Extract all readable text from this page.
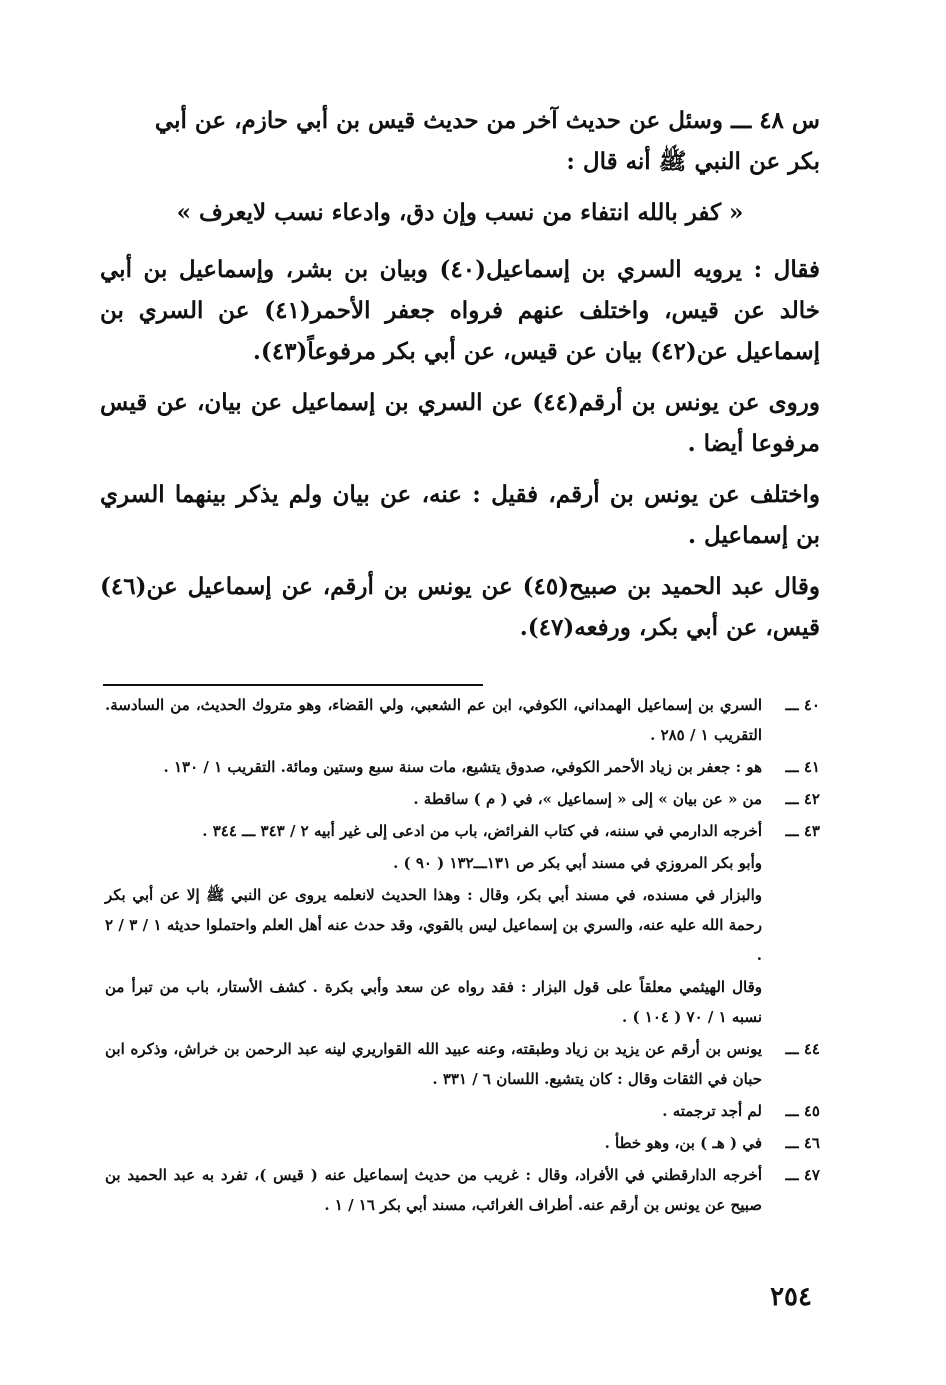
س ٤٨ ـــ وسئل عن حديث آخر من حديث قيس بن أبي حازم، عن أبي

بكر عن النبي ﷺ أنه قال :

« كفر بالله انتفاء من نسب وإن دق، وادعاء نسب لايعرف »

فقال : يرويه السري بن إسماعيل(٤٠) وبيان بن بشر، وإسماعيل بن أبي خالد عن قيس، واختلف عنهم فرواه جعفر الأحمر(٤١) عن السري بن إسماعيل عن(٤٢) بيان عن قيس، عن أبي بكر مرفوعاً(٤٣).

وروى عن يونس بن أرقم(٤٤) عن السري بن إسماعيل عن بيان، عن قيس مرفوعا أيضا .

واختلف عن يونس بن أرقم، فقيل : عنه، عن بيان ولم يذكر بينهما السري بن إسماعيل .

وقال عبد الحميد بن صبيح(٤٥) عن يونس بن أرقم، عن إسماعيل عن(٤٦) قيس، عن أبي بكر، ورفعه(٤٧).

٤٠ ـــ
السري بن إسماعيل الهمداني، الكوفي، ابن عم الشعبي، ولي القضاء، وهو متروك الحديث، من السادسة. التقريب ١ / ٢٨٥ .
٤١ ـــ
هو : جعفر بن زياد الأحمر الكوفي، صدوق يتشيع، مات سنة سبع وستين ومائة. التقريب ١ / ١٣٠ .
٤٢ ـــ
من « عن بيان » إلى « إسماعيل »، في ( م ) ساقطة .
٤٣ ـــ
أخرجه الدارمي في سننه، في كتاب الفرائض، باب من ادعى إلى غير أبيه ٢ / ٣٤٣ ـــ ٣٤٤ .
وأبو بكر المروزي في مسند أبي بكر ص ١٣١ـــ١٣٢ ( ٩٠ ) .
والبزار في مسنده، في مسند أبي بكر، وقال : وهذا الحديث لانعلمه يروى عن النبي ﷺ إلا عن أبي بكر رحمة الله عليه عنه، والسري بن إسماعيل ليس بالقوي، وقد حدث عنه أهل العلم واحتملوا حديثه ١ / ٣ / ٢ .
وقال الهيثمي معلقاً على قول البزار : فقد رواه عن سعد وأبي بكرة . كشف الأستار، باب من تبرأ من نسبه ١ / ٧٠ ( ١٠٤ ) .
٤٤ ـــ
يونس بن أرقم عن يزيد بن زياد وطبقته، وعنه عبيد الله القواريري لينه عبد الرحمن بن خراش، وذكره ابن حبان في الثقات وقال : كان يتشيع. اللسان ٦ / ٣٣١ .
٤٥ ـــ
لم أجد ترجمته .
٤٦ ـــ
في ( هـ ) بن، وهو خطأ .
٤٧ ـــ
أخرجه الدارقطني في الأفراد، وقال : غريب من حديث إسماعيل عنه ( قيس )، تفرد به عبد الحميد بن صبيح عن يونس بن أرقم عنه. أطراف الغرائب، مسند أبي بكر ١٦ / ١ .
٢٥٤
